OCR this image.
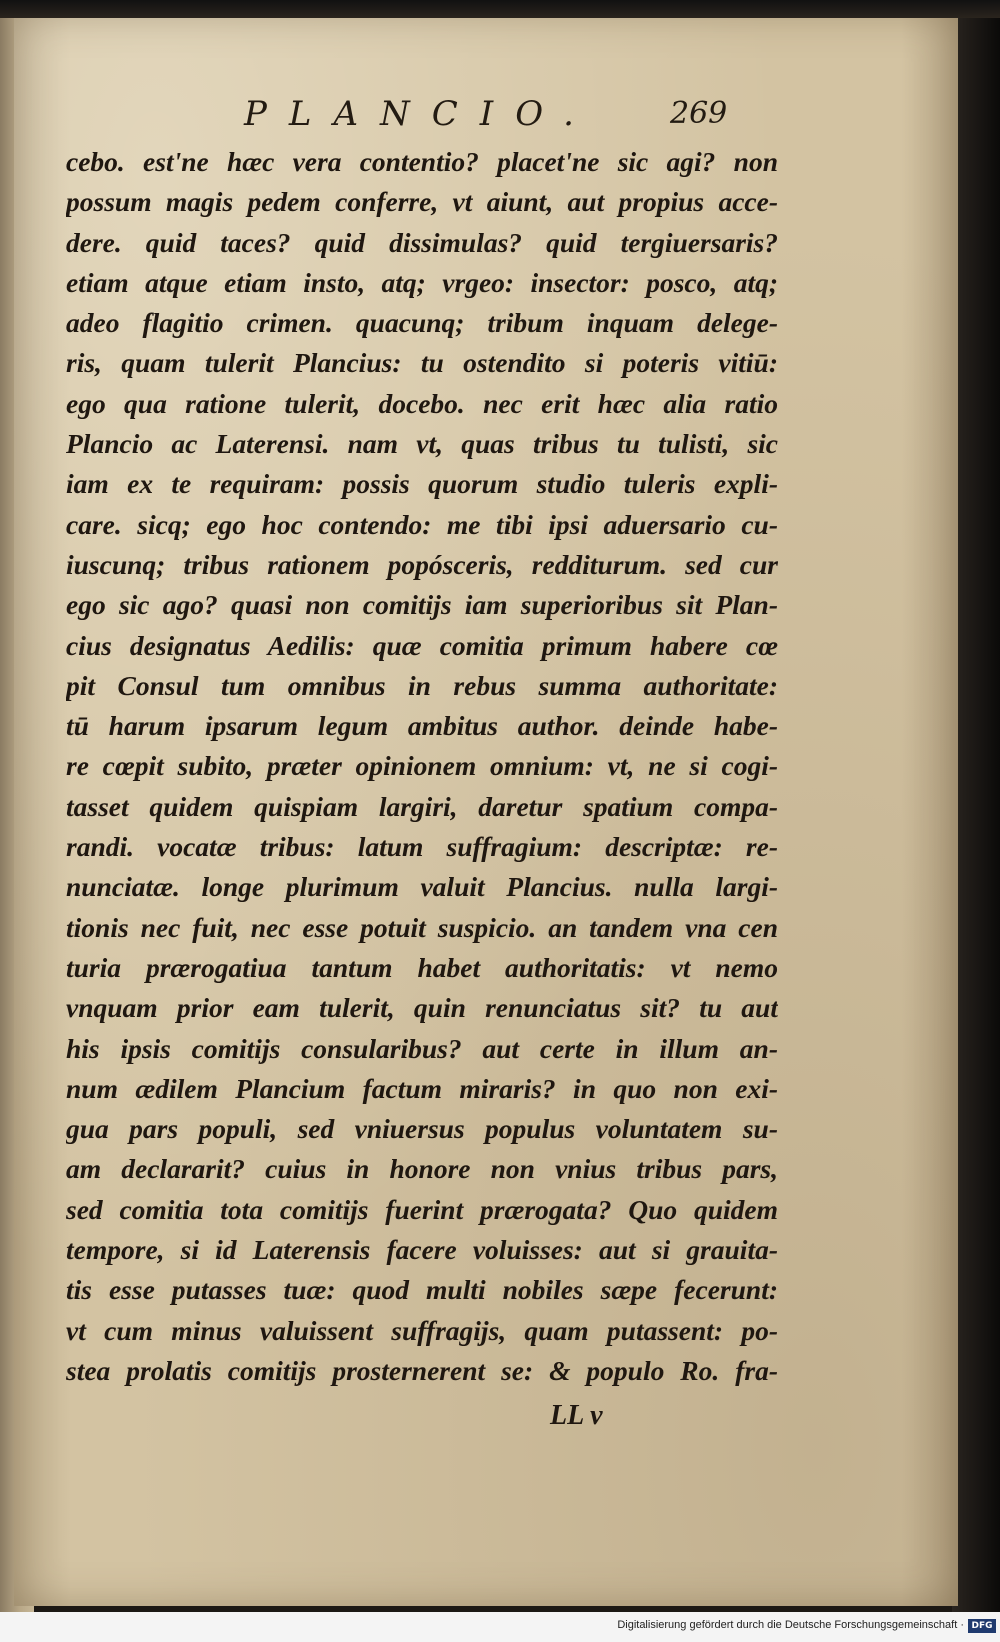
PLANCIO. 269
cebo. est'ne hæc vera contentio? placet'ne sic agi? non
possum magis pedem conferre, vt aiunt, aut propius acce-
dere. quid taces? quid dissimulas? quid tergiuersaris?
etiam atque etiam insto, atq; vrgeo: insector: posco, atq;
adeo flagitio crimen. quacunq; tribum inquam delege-
ris, quam tulerit Plancius: tu ostendito si poteris vitiū:
ego qua ratione tulerit, docebo. nec erit hæc alia ratio
Plancio ac Laterensi. nam vt, quas tribus tu tulisti, sic
iam ex te requiram: possis quorum studio tuleris expli-
care. sicq; ego hoc contendo: me tibi ipsi aduersario cu-
iuscunq; tribus rationem popósceris, redditurum. sed cur
ego sic ago? quasi non comitijs iam superioribus sit Plan-
cius designatus Aedilis: quæ comitia primum habere cœ
pit Consul tum omnibus in rebus summa authoritate:
tū harum ipsarum legum ambitus author. deinde habe-
re cœpit subito, præter opinionem omnium: vt, ne si cogi-
tasset quidem quispiam largiri, daretur spatium compa-
randi. vocatæ tribus: latum suffragium: descriptæ: re-
nunciatæ. longe plurimum valuit Plancius. nulla largi-
tionis nec fuit, nec esse potuit suspicio. an tandem vna cen
turia prærogatiua tantum habet authoritatis: vt nemo
vnquam prior eam tulerit, quin renunciatus sit? tu aut
his ipsis comitijs consularibus? aut certe in illum an-
num ædilem Plancium factum miraris? in quo non exi-
gua pars populi, sed vniuersus populus voluntatem su-
am declararit? cuius in honore non vnius tribus pars,
sed comitia tota comitijs fuerint prærogata? Quo quidem
tempore, si id Laterensis facere voluisses: aut si grauita-
tis esse putasses tuæ: quod multi nobiles sæpe fecerunt:
vt cum minus valuissent suffragijs, quam putassent: po-
stea prolatis comitijs prosternerent se: & populo Ro. fra-
LL v
Digitalisierung gefördert durch die Deutsche Forschungsgemeinschaft · DFG
